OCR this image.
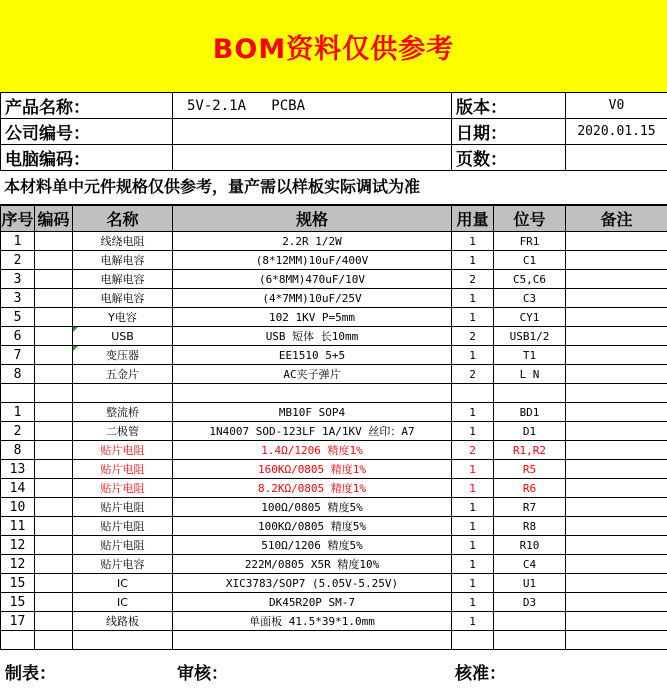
BOM资料仅供参考
产品名称：	5V-2.1A   PCBA	版本：	V0
公司编号：		日期：	2020.01.15
电脑编码：		页数：	
本材料单中元件规格仅供参考，量产需以样板实际调试为准
序号	编码	名称	规格	用量	位号	备注
1		线绕电阻	2.2R 1/2W	1	FR1	
2		电解电容	(8*12MM)10uF/400V	1	C1	
3		电解电容	(6*8MM)470uF/10V	2	C5,C6	
3		电解电容	(4*7MM)10uF/25V	1	C3	
5		Y电容	102 1KV P=5mm	1	CY1	
6		USB	USB 短体 长10mm	2	USB1/2	
7		变压器	EE1510 5+5	1	T1	
8		五金片	AC夹子弹片	2	L N	

1		整流桥	MB10F SOP4	1	BD1	
2		二极管	1N4007 SOD-123LF 1A/1KV 丝印：A7	1	D1	
8		贴片电阻	1.4Ω/1206 精度1%	2	R1,R2	
13		贴片电阻	160KΩ/0805 精度1%	1	R5	
14		贴片电阻	8.2KΩ/0805 精度1%	1	R6	
10		贴片电阻	100Ω/0805 精度5%	1	R7	
11		贴片电阻	100KΩ/0805 精度5%	1	R8	
12		贴片电阻	510Ω/1206 精度5%	1	R10	
12		贴片电容	222M/0805 X5R 精度10%	1	C4	
15		IC	XIC3783/SOP7 (5.05V-5.25V)	1	U1	
15		IC	DK45R20P SM-7	1	D3	
17		线路板	单面板 41.5*39*1.0mm	1		

制表：	审核：	核准：
